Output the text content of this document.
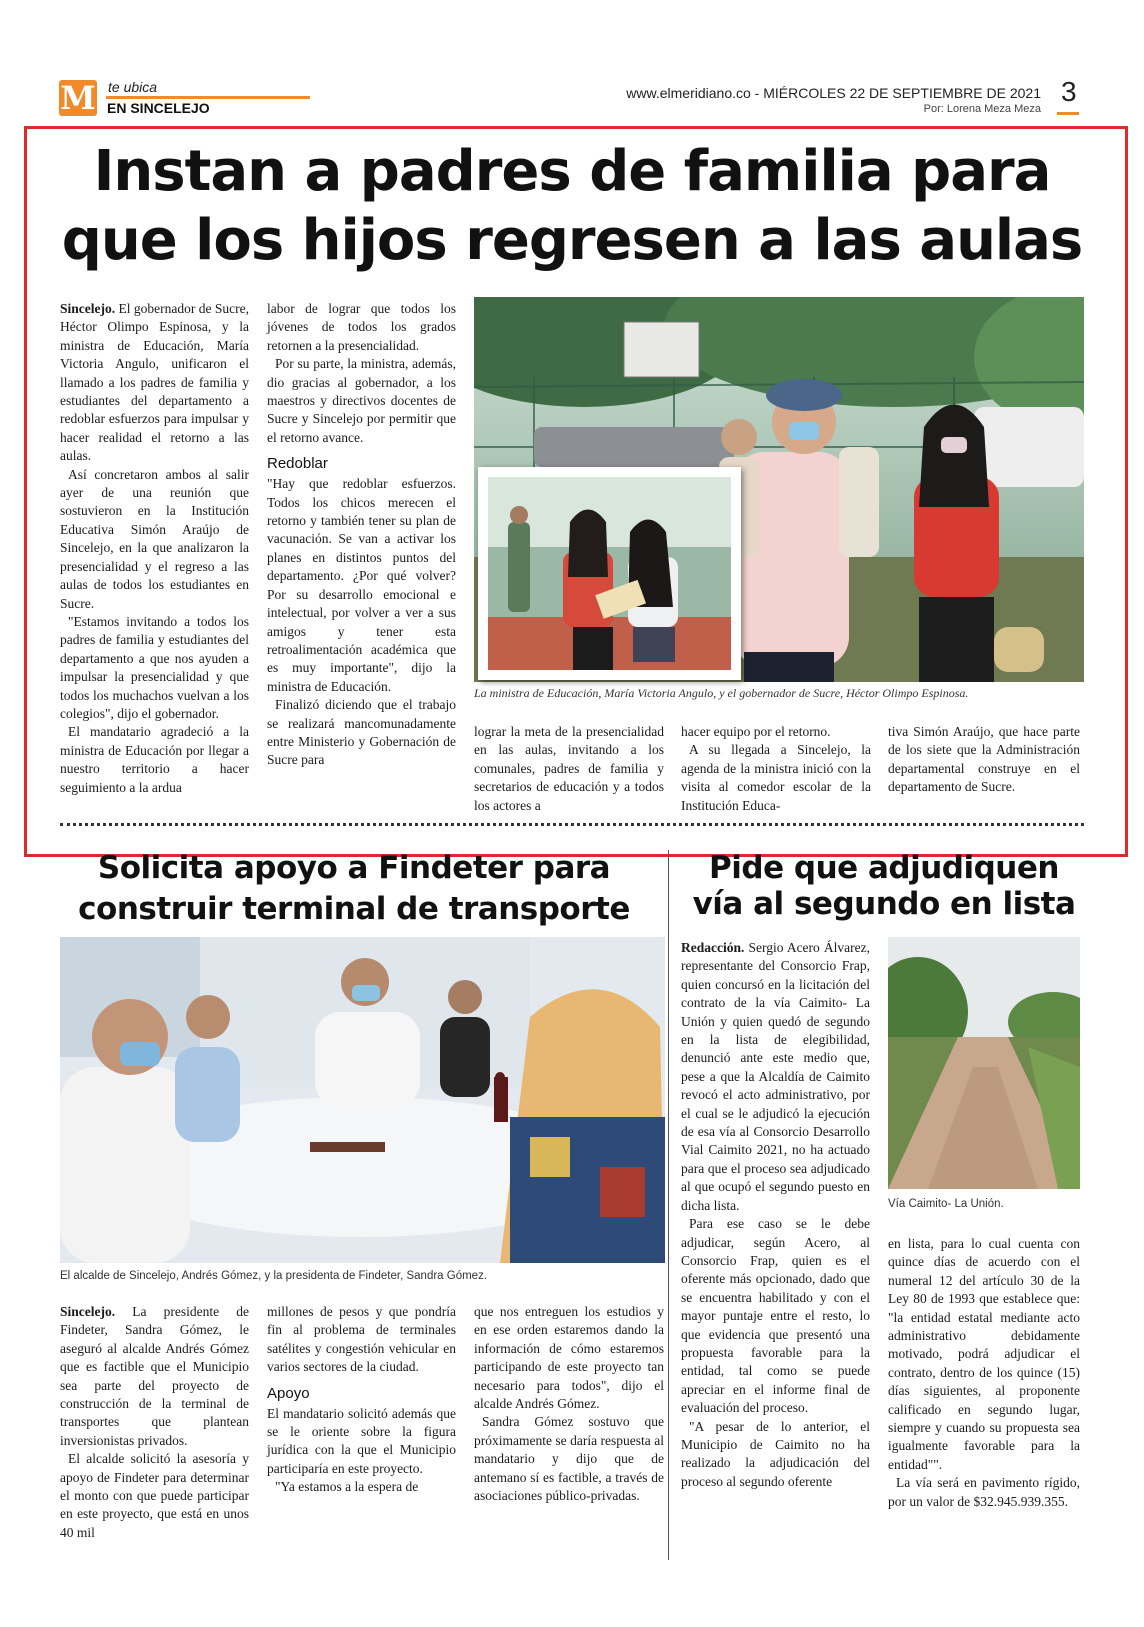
M te ubica
EN SINCELEJO
www.elmeridiano.co - MIÉRCOLES 22 DE SEPTIEMBRE DE 2021
Por: Lorena Meza Meza
3
Instan a padres de familia para
que los hijos regresen a las aulas

Sincelejo. El gobernador de Sucre, Héctor Olimpo Espinosa, y la ministra de Educación, María Victoria Angulo, unificaron el llamado a los padres de familia y estudiantes del departamento a redoblar esfuerzos para impulsar y hacer realidad el retorno a las aulas.

Así concretaron ambos al salir ayer de una reunión que sostuvieron en la Institución Educativa Simón Araújo de Sincelejo, en la que analizaron la presencialidad y el regreso a las aulas de todos los estudiantes en Sucre.

"Estamos invitando a todos los padres de familia y estudiantes del departamento a que nos ayuden a impulsar la presencialidad y que todos los muchachos vuelvan a los colegios", dijo el gobernador.

El mandatario agradeció a la ministra de Educación por llegar a nuestro territorio a hacer seguimiento a la ardua

labor de lograr que todos los jóvenes de todos los grados retornen a la presencialidad.

Por su parte, la ministra, además, dio gracias al gobernador, a los maestros y directivos docentes de Sucre y Sincelejo por permitir que el retorno avance.

Redoblar

"Hay que redoblar esfuerzos. Todos los chicos merecen el retorno y también tener su plan de vacunación. Se van a activar los planes en distintos puntos del departamento. ¿Por qué volver? Por su desarrollo emocional e intelectual, por volver a ver a sus amigos y tener esta retroalimentación académica que es muy importante", dijo la ministra de Educación.

Finalizó diciendo que el trabajo se realizará mancomunadamente entre Ministerio y Gobernación de Sucre para

La ministra de Educación, María Victoria Angulo, y el gobernador de Sucre, Héctor Olimpo Espinosa.

lograr la meta de la presencialidad en las aulas, invitando a los comunales, padres de familia y secretarios de educación y a todos los actores a

hacer equipo por el retorno.

A su llegada a Sincelejo, la agenda de la ministra inició con la visita al comedor escolar de la Institución Educa-

tiva Simón Araújo, que hace parte de los siete que la Administración departamental construye en el departamento de Sucre.

Solicita apoyo a Findeter para
construir terminal de transporte
El alcalde de Sincelejo, Andrés Gómez, y la presidenta de Findeter, Sandra Gómez.

Sincelejo. La presidente de Findeter, Sandra Gómez, le aseguró al alcalde Andrés Gómez que es factible que el Municipio sea parte del proyecto de construcción de la terminal de transportes que plantean inversionistas privados.

El alcalde solicitó la asesoría y apoyo de Findeter para determinar el monto con que puede participar en este proyecto, que está en unos 40 mil

millones de pesos y que pondría fin al problema de terminales satélites y congestión vehicular en varios sectores de la ciudad.

Apoyo

El mandatario solicitó además que se le oriente sobre la figura jurídica con la que el Municipio participaría en este proyecto.

"Ya estamos a la espera de

que nos entreguen los estudios y en ese orden estaremos dando la información de cómo estaremos participando de este proyecto tan necesario para todos", dijo el alcalde Andrés Gómez.

Sandra Gómez sostuvo que próximamente se daría respuesta al mandatario y dijo que de antemano sí es factible, a través de asociaciones público-privadas.

Pide que adjudiquen
vía al segundo en lista

Redacción. Sergio Acero Álvarez, representante del Consorcio Frap, quien concursó en la licitación del contrato de la vía Caimito- La Unión y quien quedó de segundo en la lista de elegibilidad, denunció ante este medio que, pese a que la Alcaldía de Caimito revocó el acto administrativo, por el cual se le adjudicó la ejecución de esa vía al Consorcio Desarrollo Vial Caimito 2021, no ha actuado para que el proceso sea adjudicado al que ocupó el segundo puesto en dicha lista.

Para ese caso se le debe adjudicar, según Acero, al Consorcio Frap, quien es el oferente más opcionado, dado que se encuentra habilitado y con el mayor puntaje entre el resto, lo que evidencia que presentó una propuesta favorable para la entidad, tal como se puede apreciar en el informe final de evaluación del proceso.

"A pesar de lo anterior, el Municipio de Caimito no ha realizado la adjudicación del proceso al segundo oferente

Vía Caimito- La Unión.

en lista, para lo cual cuenta con quince días de acuerdo con el numeral 12 del artículo 30 de la Ley 80 de 1993 que establece que: "la entidad estatal mediante acto administrativo debidamente motivado, podrá adjudicar el contrato, dentro de los quince (15) días siguientes, al proponente calificado en segundo lugar, siempre y cuando su propuesta sea igualmente favorable para la entidad"".

La vía será en pavimento rígido, por un valor de $32.945.939.355.
